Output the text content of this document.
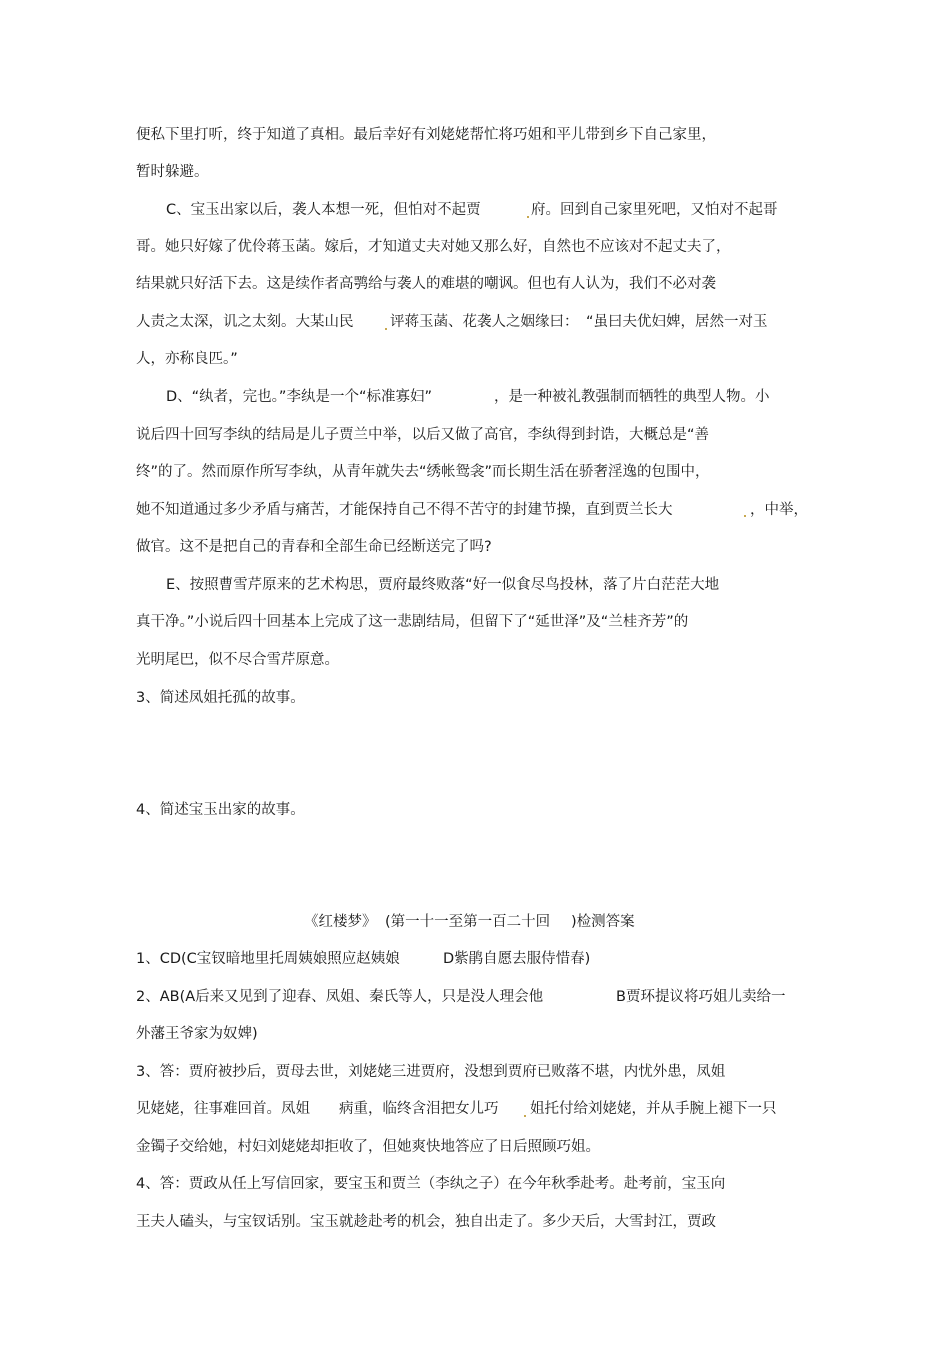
便私下里打听，终于知道了真相。最后幸好有刘姥姥帮忙将巧姐和平儿带到乡下自己家里，
暂时躲避。
C、宝玉出家以后，袭人本想一死，但怕对不起贾	府。回到自己家里死吧，又怕对不起哥
哥。她只好嫁了优伶蒋玉菡。嫁后，才知道丈夫对她又那么好，自然也不应该对不起丈夫了，
结果就只好活下去。这是续作者高鹗给与袭人的难堪的嘲讽。但也有人认为，我们不必对袭
人责之太深，讥之太刻。大某山民	评蒋玉菡、花袭人之姻缘曰： “虽曰夫优妇婢，居然一对玉
人，亦称良匹。”
D、“纨者，完也。”李纨是一个“标准寡妇”	，是一种被礼教强制而牺牲的典型人物。小
说后四十回写李纨的结局是儿子贾兰中举，以后又做了高官，李纨得到封诰，大概总是“善
终”的了。然而原作所写李纨，从青年就失去“绣帐鸳衾”而长期生活在骄奢淫逸的包围中，
她不知道通过多少矛盾与痛苦，才能保持自己不得不苦守的封建节操，直到贾兰长大	，中举，
做官。这不是把自己的青春和全部生命已经断送完了吗?
E、按照曹雪芹原来的艺术构思，贾府最终败落“好一似食尽鸟投林，落了片白茫茫大地
真干净。”小说后四十回基本上完成了这一悲剧结局，但留下了“延世泽”及“兰桂齐芳”的
光明尾巴，似不尽合雪芹原意。
3、简述凤姐托孤的故事。
4、简述宝玉出家的故事。
《红楼梦》 (第一十一至第一百二十回 )检测答案
1、CD(C宝钗暗地里托周姨娘照应赵姨娘	D紫鹃自愿去服侍惜春)
2、AB(A后来又见到了迎春、凤姐、秦氏等人，只是没人理会他	B贾环提议将巧姐儿卖给一
外藩王爷家为奴婢)
3、答：贾府被抄后，贾母去世，刘姥姥三进贾府，没想到贾府已败落不堪，内忧外患，凤姐
见姥姥，往事难回首。凤姐 病重，临终含泪把女儿巧 姐托付给刘姥姥，并从手腕上褪下一只
金镯子交给她，村妇刘姥姥却拒收了，但她爽快地答应了日后照顾巧姐。
4、答：贾政从任上写信回家，要宝玉和贾兰（李纨之子）在今年秋季赴考。赴考前，宝玉向
王夫人磕头，与宝钗话别。宝玉就趁赴考的机会，独自出走了。多少天后，大雪封江，贾政
